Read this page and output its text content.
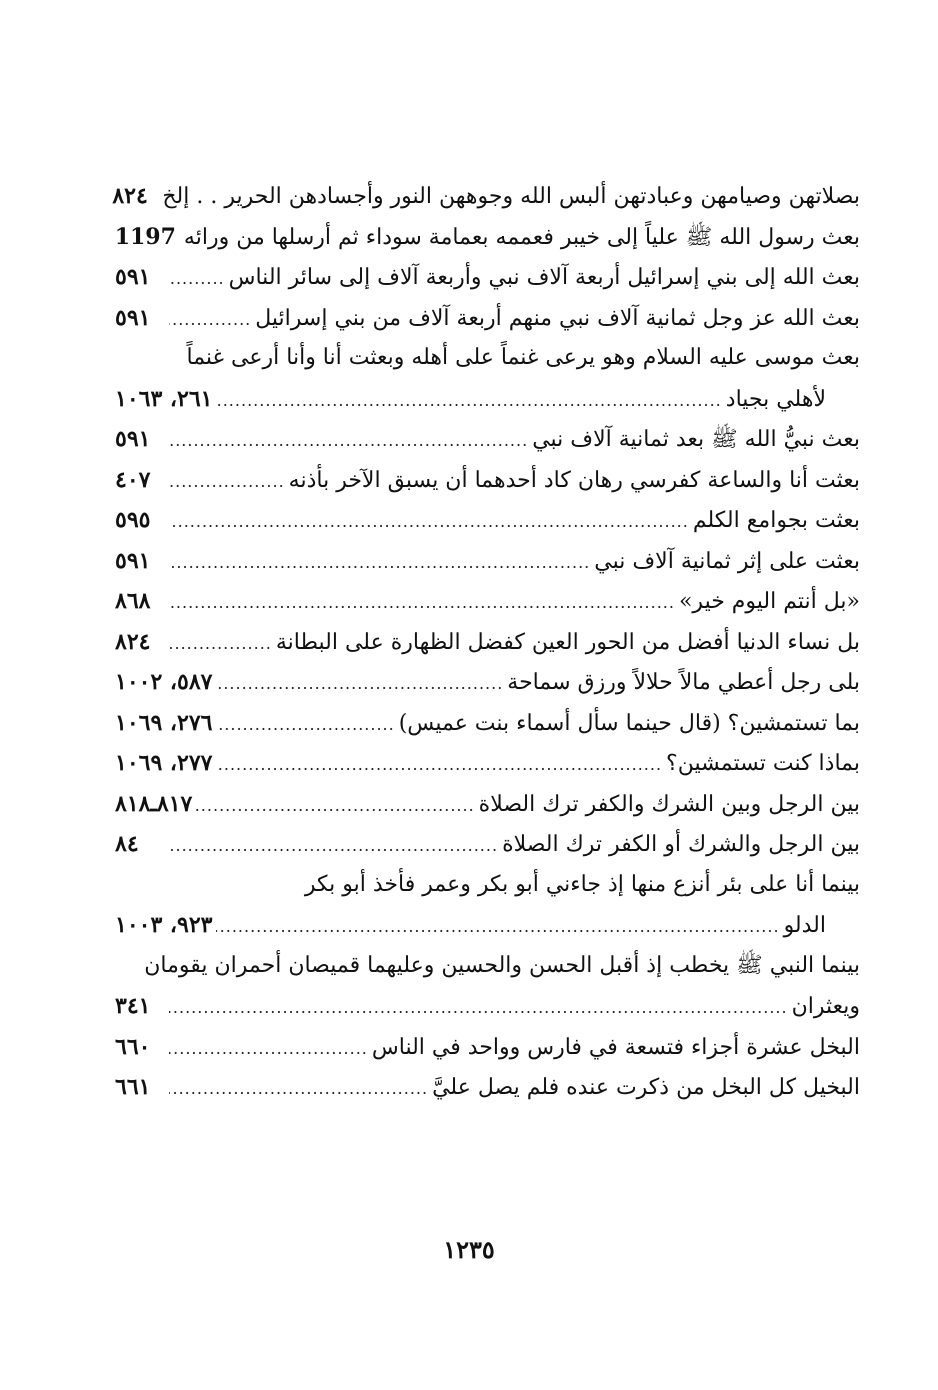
بصلاتهن وصيامهن وعبادتهن ألبس الله وجوههن النور وأجسادهن الحرير . . إلخ
٨٢٤
بعث رسول الله ﷺ علياً إلى خيبر فعممه بعمامة سوداء ثم أرسلها من ورائه
1197
بعث الله إلى بني إسرائيل أربعة آلاف نبي وأربعة آلاف إلى سائر الناس
.....
٥٩١
بعث الله عز وجل ثمانية آلاف نبي منهم أربعة آلاف من بني إسرائيل
.....
٥٩١
بعث موسى عليه السلام وهو يرعى غنماً على أهله وبعثت أنا وأنا أرعى غنماً
لأهلي بجياد
.....
٢٦١، ١٠٦٣
بعث نبيُّ الله ﷺ بعد ثمانية آلاف نبي
.....
٥٩١
بعثت أنا والساعة كفرسي رهان كاد أحدهما أن يسبق الآخر بأذنه
.....
٤٠٧
بعثت بجوامع الكلم
.....
٥٩٥
بعثت على إثر ثمانية آلاف نبي
.....
٥٩١
«بل أنتم اليوم خير»
.....
٨٦٨
بل نساء الدنيا أفضل من الحور العين كفضل الظهارة على البطانة
.....
٨٢٤
بلى رجل أعطي مالاً حلالاً ورزق سماحة
.....
٥٨٧، ١٠٠٢
بما تستمشين؟ (قال حينما سأل أسماء بنت عميس)
.....
٢٧٦، ١٠٦٩
بماذا كنت تستمشين؟
.....
٢٧٧، ١٠٦٩
بين الرجل وبين الشرك والكفر ترك الصلاة
.....
٨١٧ـ٨١٨
بين الرجل والشرك أو الكفر ترك الصلاة
.....
٨٤
بينما أنا على بئر أنزع منها إذ جاءني أبو بكر وعمر فأخذ أبو بكر
الدلو
.....
٩٢٣، ١٠٠٣
بينما النبي ﷺ يخطب إذ أقبل الحسن والحسين وعليهما قميصان أحمران يقومان
ويعثران
.....
٣٤١
البخل عشرة أجزاء فتسعة في فارس وواحد في الناس
.....
٦٦٠
البخيل كل البخل من ذكرت عنده فلم يصل عليَّ
.....
٦٦١
١٢٣٥
